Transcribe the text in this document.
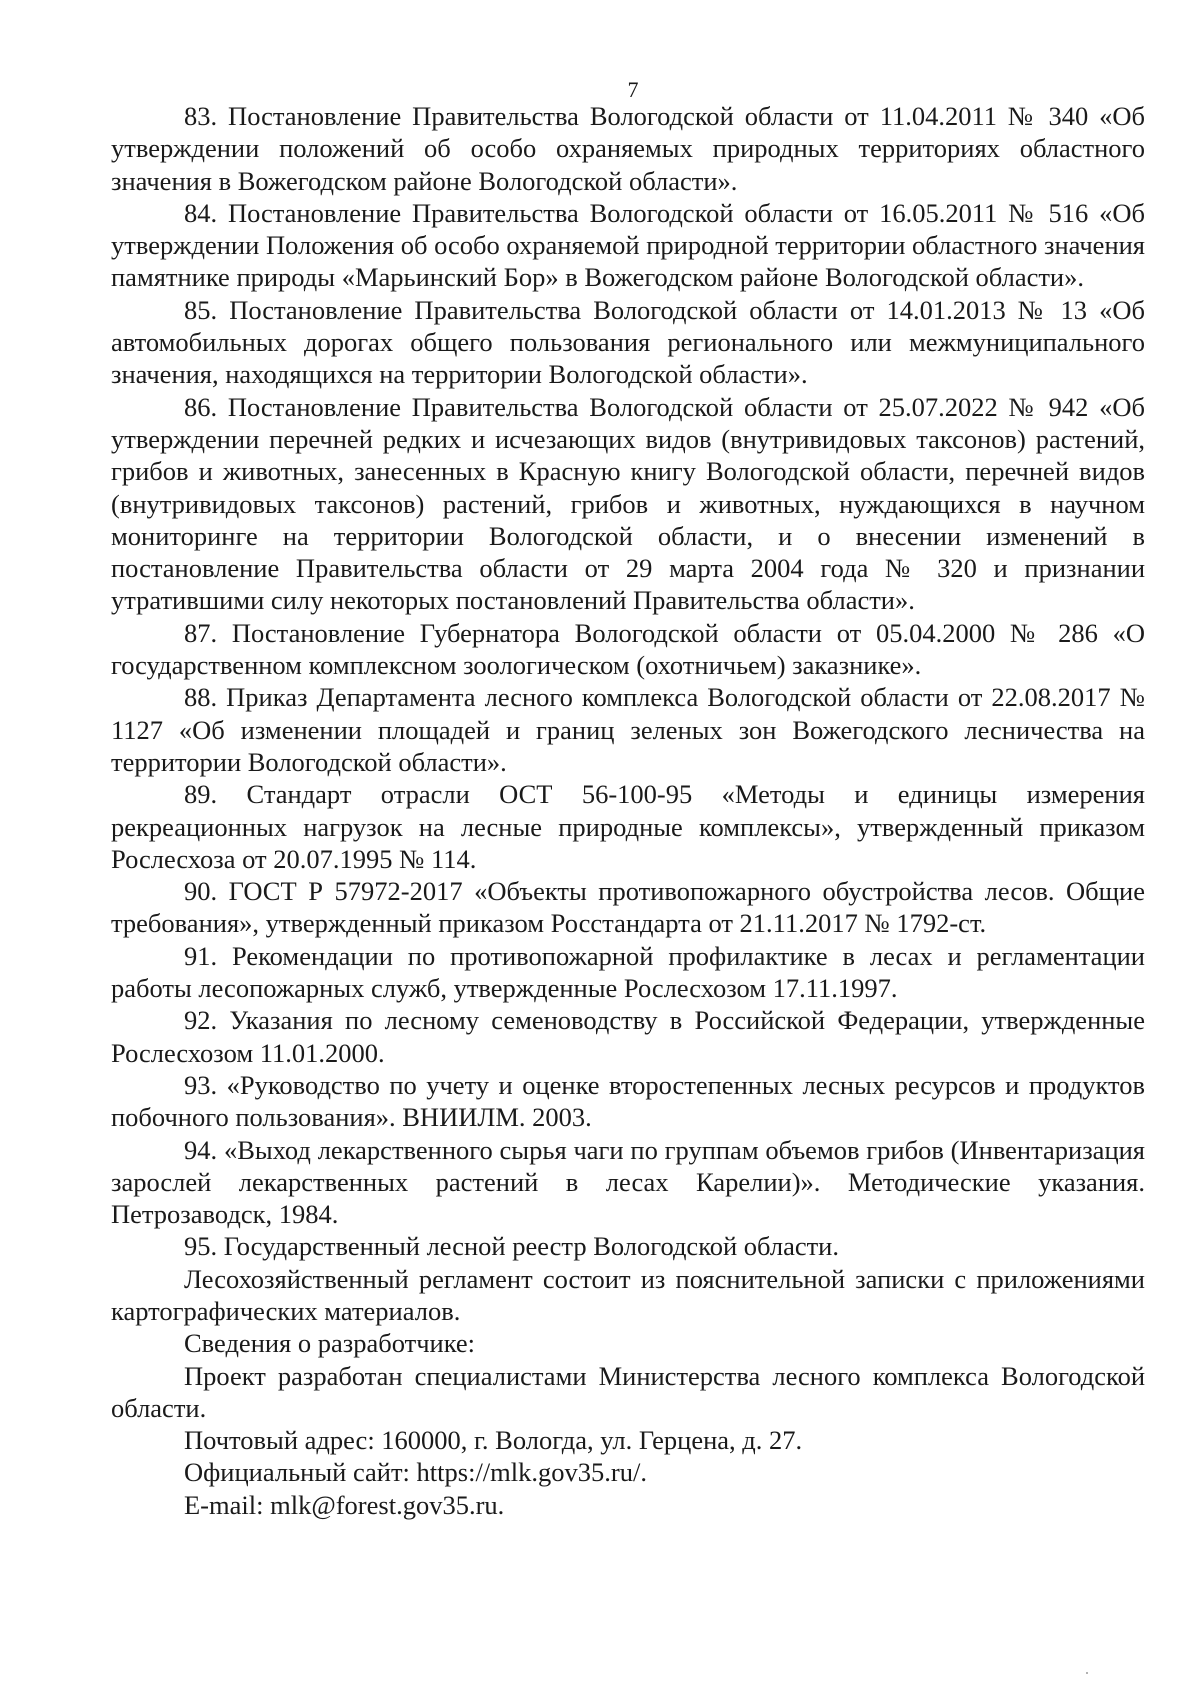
7

83. Постановление Правительства Вологодской области от 11.04.2011 № 340 «Об утверждении положений об особо охраняемых природных территориях областного значения в Вожегодском районе Вологодской области».

84. Постановление Правительства Вологодской области от 16.05.2011 № 516 «Об утверждении Положения об особо охраняемой природной территории областного значения памятнике природы «Марьинский Бор» в Вожегодском районе Вологодской области».

85. Постановление Правительства Вологодской области от 14.01.2013 № 13 «Об автомобильных дорогах общего пользования регионального или межмуниципального значения, находящихся на территории Вологодской области».

86. Постановление Правительства Вологодской области от 25.07.2022 № 942 «Об утверждении перечней редких и исчезающих видов (внутривидовых таксонов) растений, грибов и животных, занесенных в Красную книгу Вологодской области, перечней видов (внутривидовых таксонов) растений, грибов и животных, нуждающихся в научном мониторинге на территории Вологодской области, и о внесении изменений в постановление Правительства области от 29 марта 2004 года № 320 и признании утратившими силу некоторых постановлений Правительства области».

87. Постановление Губернатора Вологодской области от 05.04.2000 № 286 «О государственном комплексном зоологическом (охотничьем) заказнике».

88. Приказ Департамента лесного комплекса Вологодской области от 22.08.2017 № 1127 «Об изменении площадей и границ зеленых зон Вожегодского лесничества на территории Вологодской области».

89. Стандарт отрасли ОСТ 56-100-95 «Методы и единицы измерения рекреационных нагрузок на лесные природные комплексы», утвержденный приказом Рослесхоза от 20.07.1995 № 114.

90. ГОСТ Р 57972-2017 «Объекты противопожарного обустройства лесов. Общие требования», утвержденный приказом Росстандарта от 21.11.2017 № 1792-ст.

91. Рекомендации по противопожарной профилактике в лесах и регламентации работы лесопожарных служб, утвержденные Рослесхозом 17.11.1997.

92. Указания по лесному семеноводству в Российской Федерации, утвержденные Рослесхозом 11.01.2000.

93. «Руководство по учету и оценке второстепенных лесных ресурсов и продуктов побочного пользования». ВНИИЛМ. 2003.

94. «Выход лекарственного сырья чаги по группам объемов грибов (Инвентаризация зарослей лекарственных растений в лесах Карелии)». Методические указания. Петрозаводск, 1984.

95. Государственный лесной реестр Вологодской области.

Лесохозяйственный регламент состоит из пояснительной записки с приложениями картографических материалов.

Сведения о разработчике:

Проект разработан специалистами Министерства лесного комплекса Вологодской области.

Почтовый адрес: 160000, г. Вологда, ул. Герцена, д. 27.

Официальный сайт: https://mlk.gov35.ru/.

E-mail: mlk@forest.gov35.ru.
